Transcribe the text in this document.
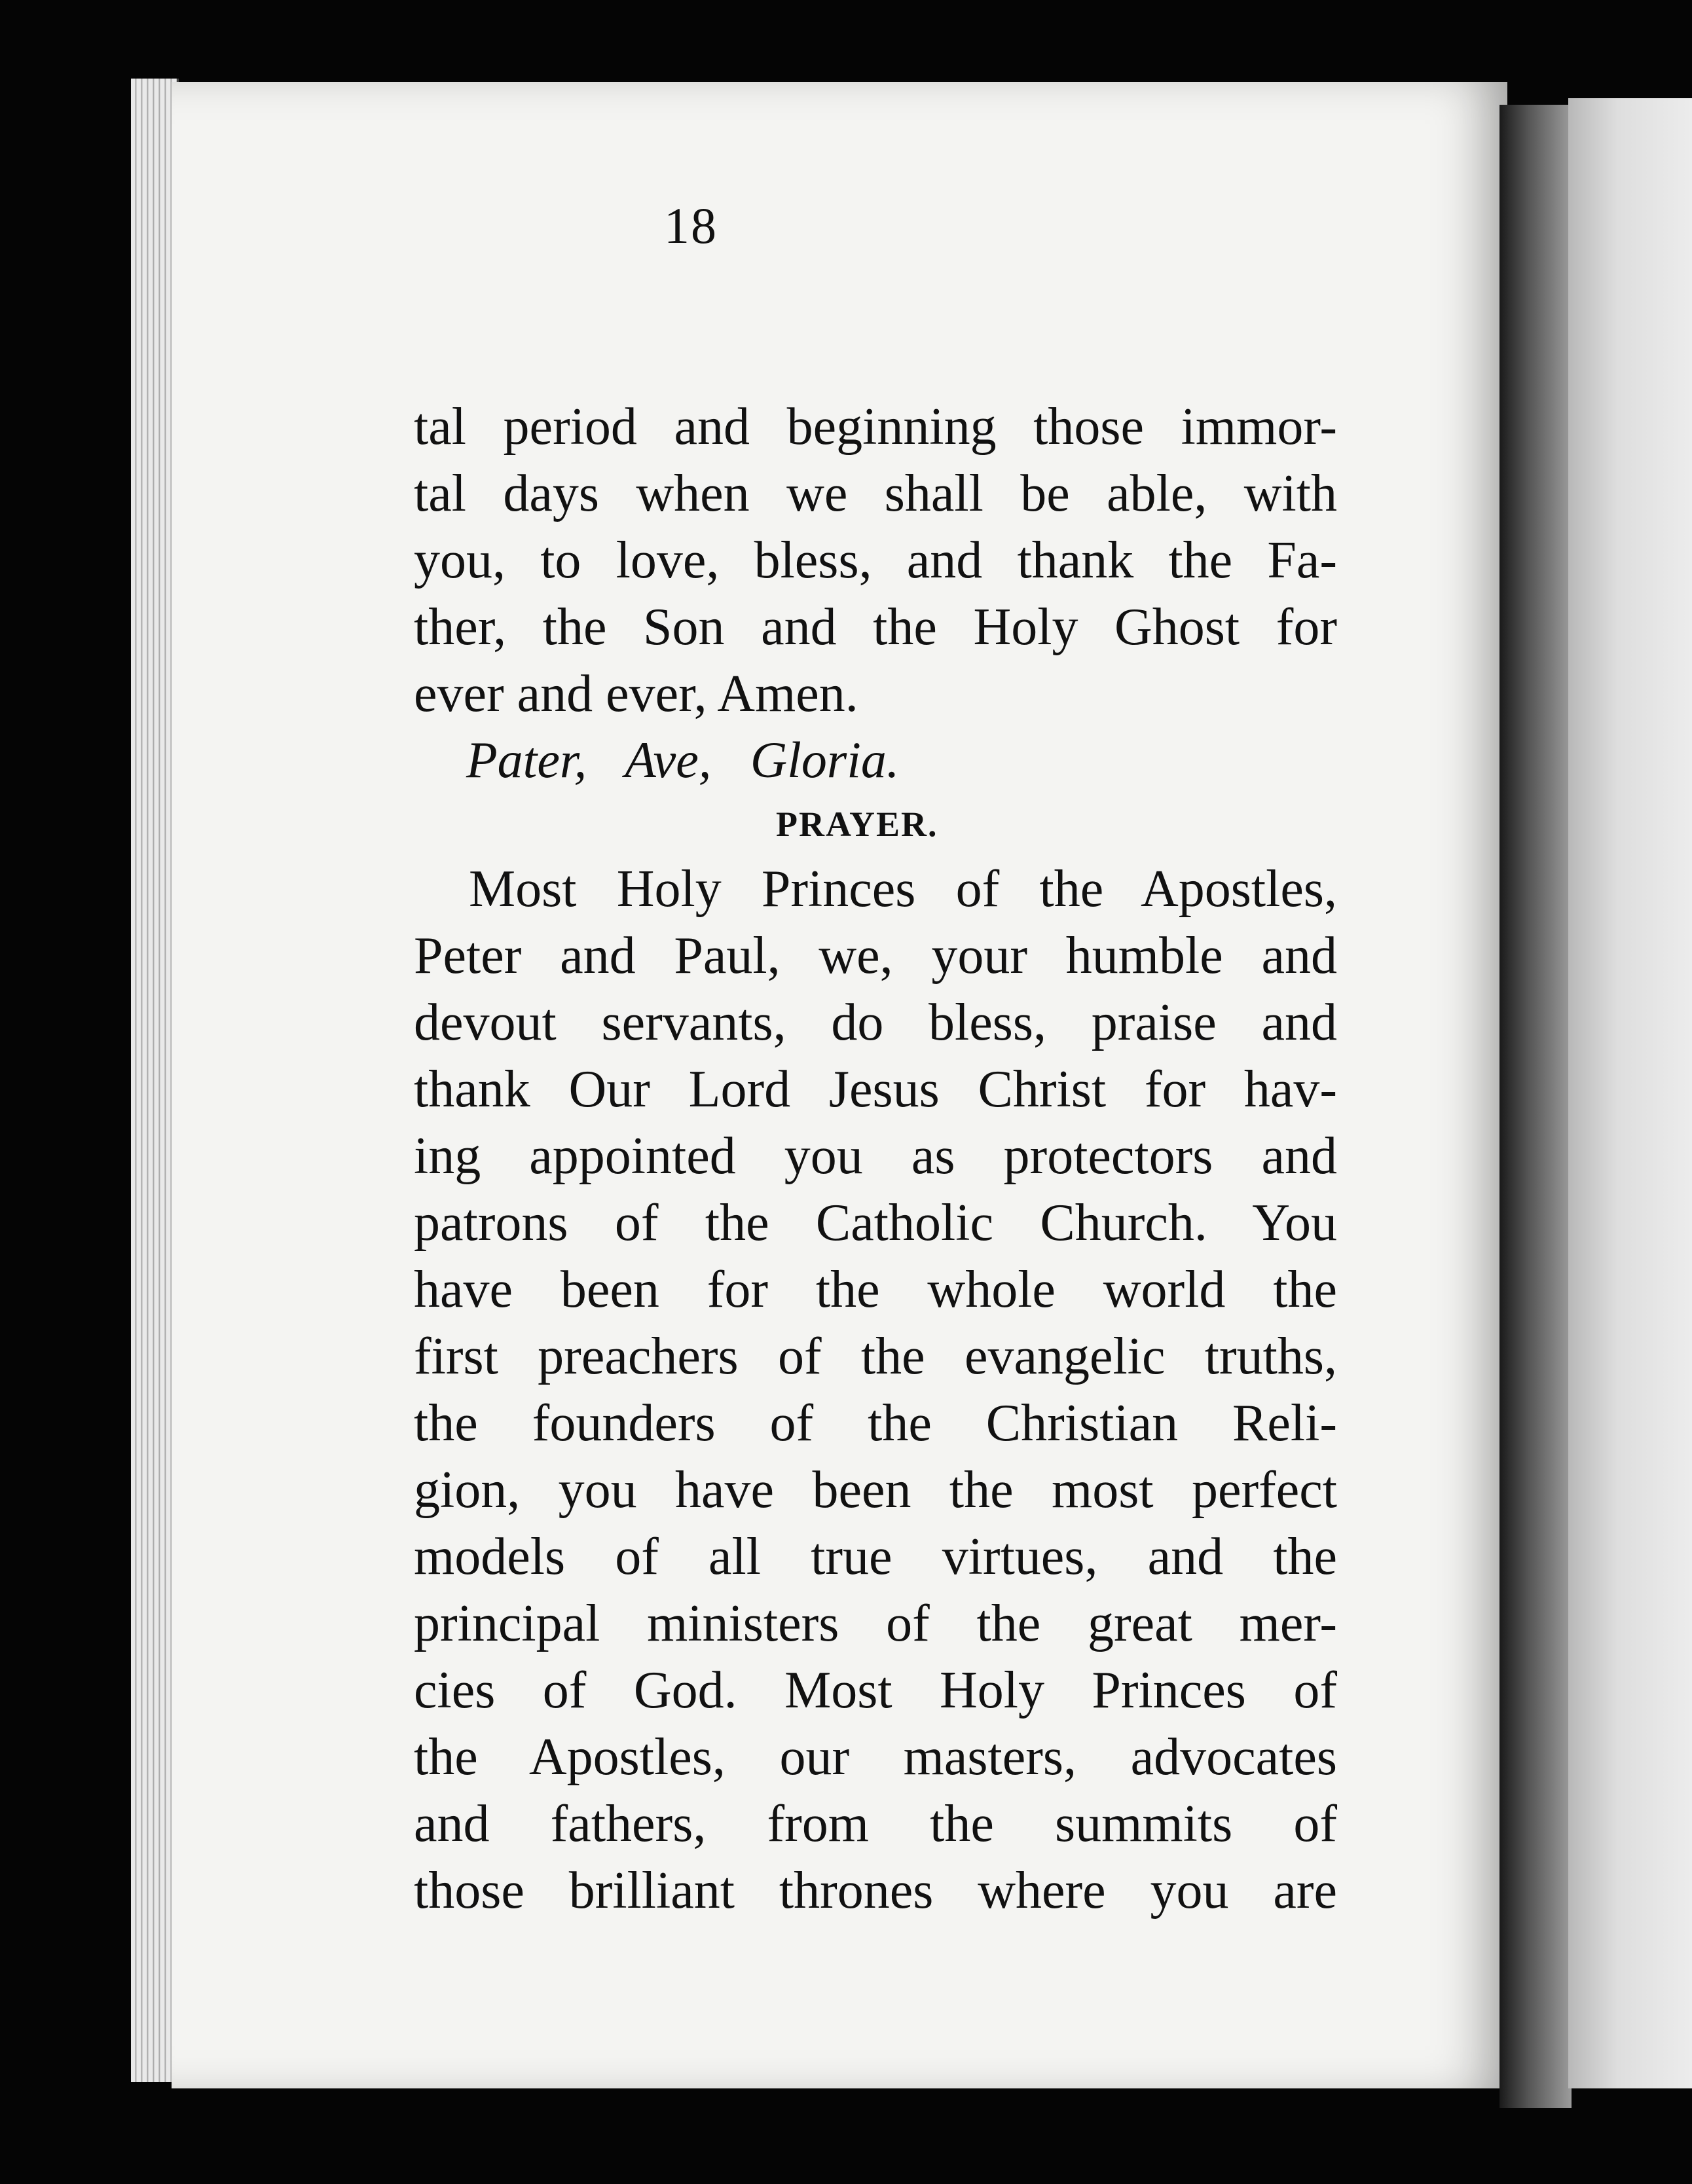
18
tal period and beginning those immor-
tal days when we shall be able, with
you, to love, bless, and thank the Fa-
ther, the Son and the Holy Ghost for
ever and ever, Amen.
Pater, Ave, Gloria.
PRAYER.
Most Holy Princes of the Apostles,
Peter and Paul, we, your humble and
devout servants, do bless, praise and
thank Our Lord Jesus Christ for hav-
ing appointed you as protectors and
patrons of the Catholic Church. You
have been for the whole world the
first preachers of the evangelic truths,
the founders of the Christian Reli-
gion, you have been the most perfect
models of all true virtues, and the
principal ministers of the great mer-
cies of God. Most Holy Princes of
the Apostles, our masters, advocates
and fathers, from the summits of
those brilliant thrones where you are
